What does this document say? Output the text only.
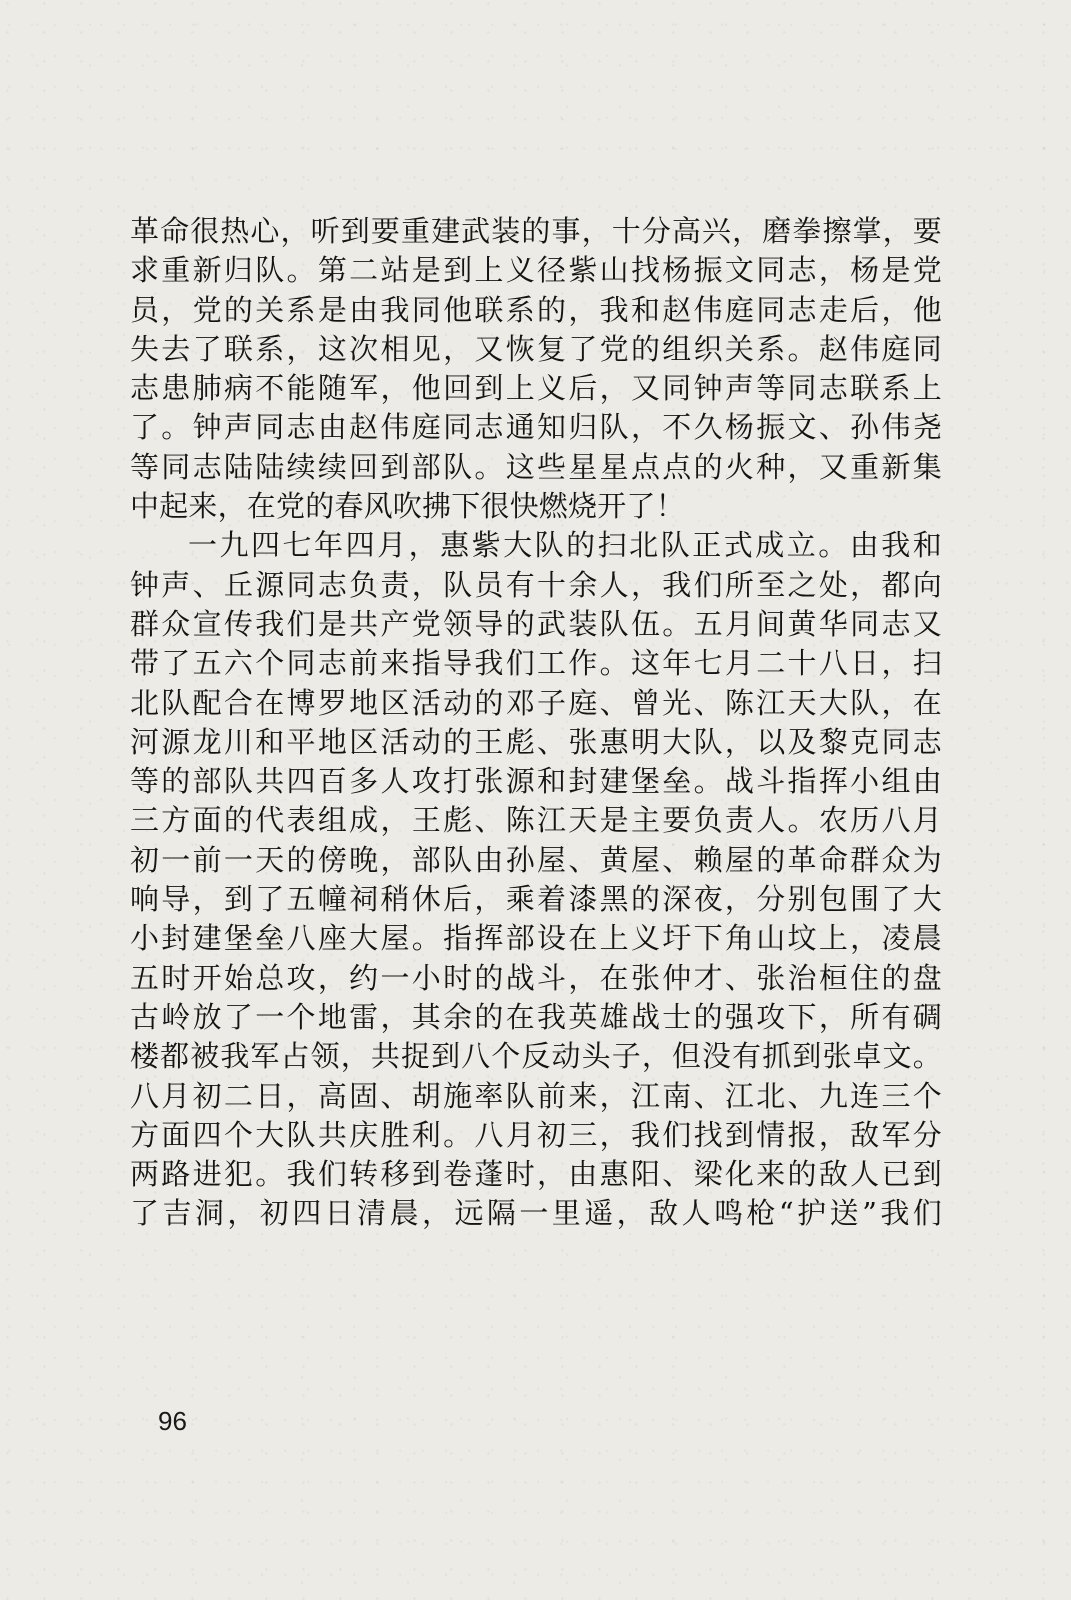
革命很热心，听到要重建武装的事，十分高兴，磨拳擦掌，要
求重新归队。第二站是到上义径紫山找杨振文同志，杨是党
员，党的关系是由我同他联系的，我和赵伟庭同志走后，他
失去了联系，这次相见，又恢复了党的组织关系。赵伟庭同
志患肺病不能随军，他回到上义后，又同钟声等同志联系上
了。钟声同志由赵伟庭同志通知归队，不久杨振文、孙伟尧
等同志陆陆续续回到部队。这些星星点点的火种，又重新集
中起来，在党的春风吹拂下很快燃烧开了！
一九四七年四月，惠紫大队的扫北队正式成立。由我和
钟声、丘源同志负责，队员有十余人，我们所至之处，都向
群众宣传我们是共产党领导的武装队伍。五月间黄华同志又
带了五六个同志前来指导我们工作。这年七月二十八日，扫
北队配合在博罗地区活动的邓子庭、曾光、陈江天大队，在
河源龙川和平地区活动的王彪、张惠明大队，以及黎克同志
等的部队共四百多人攻打张源和封建堡垒。战斗指挥小组由
三方面的代表组成，王彪、陈江天是主要负责人。农历八月
初一前一天的傍晚，部队由孙屋、黄屋、赖屋的革命群众为
响导，到了五幢祠稍休后，乘着漆黑的深夜，分别包围了大
小封建堡垒八座大屋。指挥部设在上义圩下角山坟上，凌晨
五时开始总攻，约一小时的战斗，在张仲才、张治桓住的盘
古岭放了一个地雷，其余的在我英雄战士的强攻下，所有碉
楼都被我军占领，共捉到八个反动头子，但没有抓到张卓文。
八月初二日，高固、胡施率队前来，江南、江北、九连三个
方面四个大队共庆胜利。八月初三，我们找到情报，敌军分
两路进犯。我们转移到卷蓬时，由惠阳、梁化来的敌人已到
了吉洞，初四日清晨，远隔一里遥，敌人鸣枪“护送”我们
96
